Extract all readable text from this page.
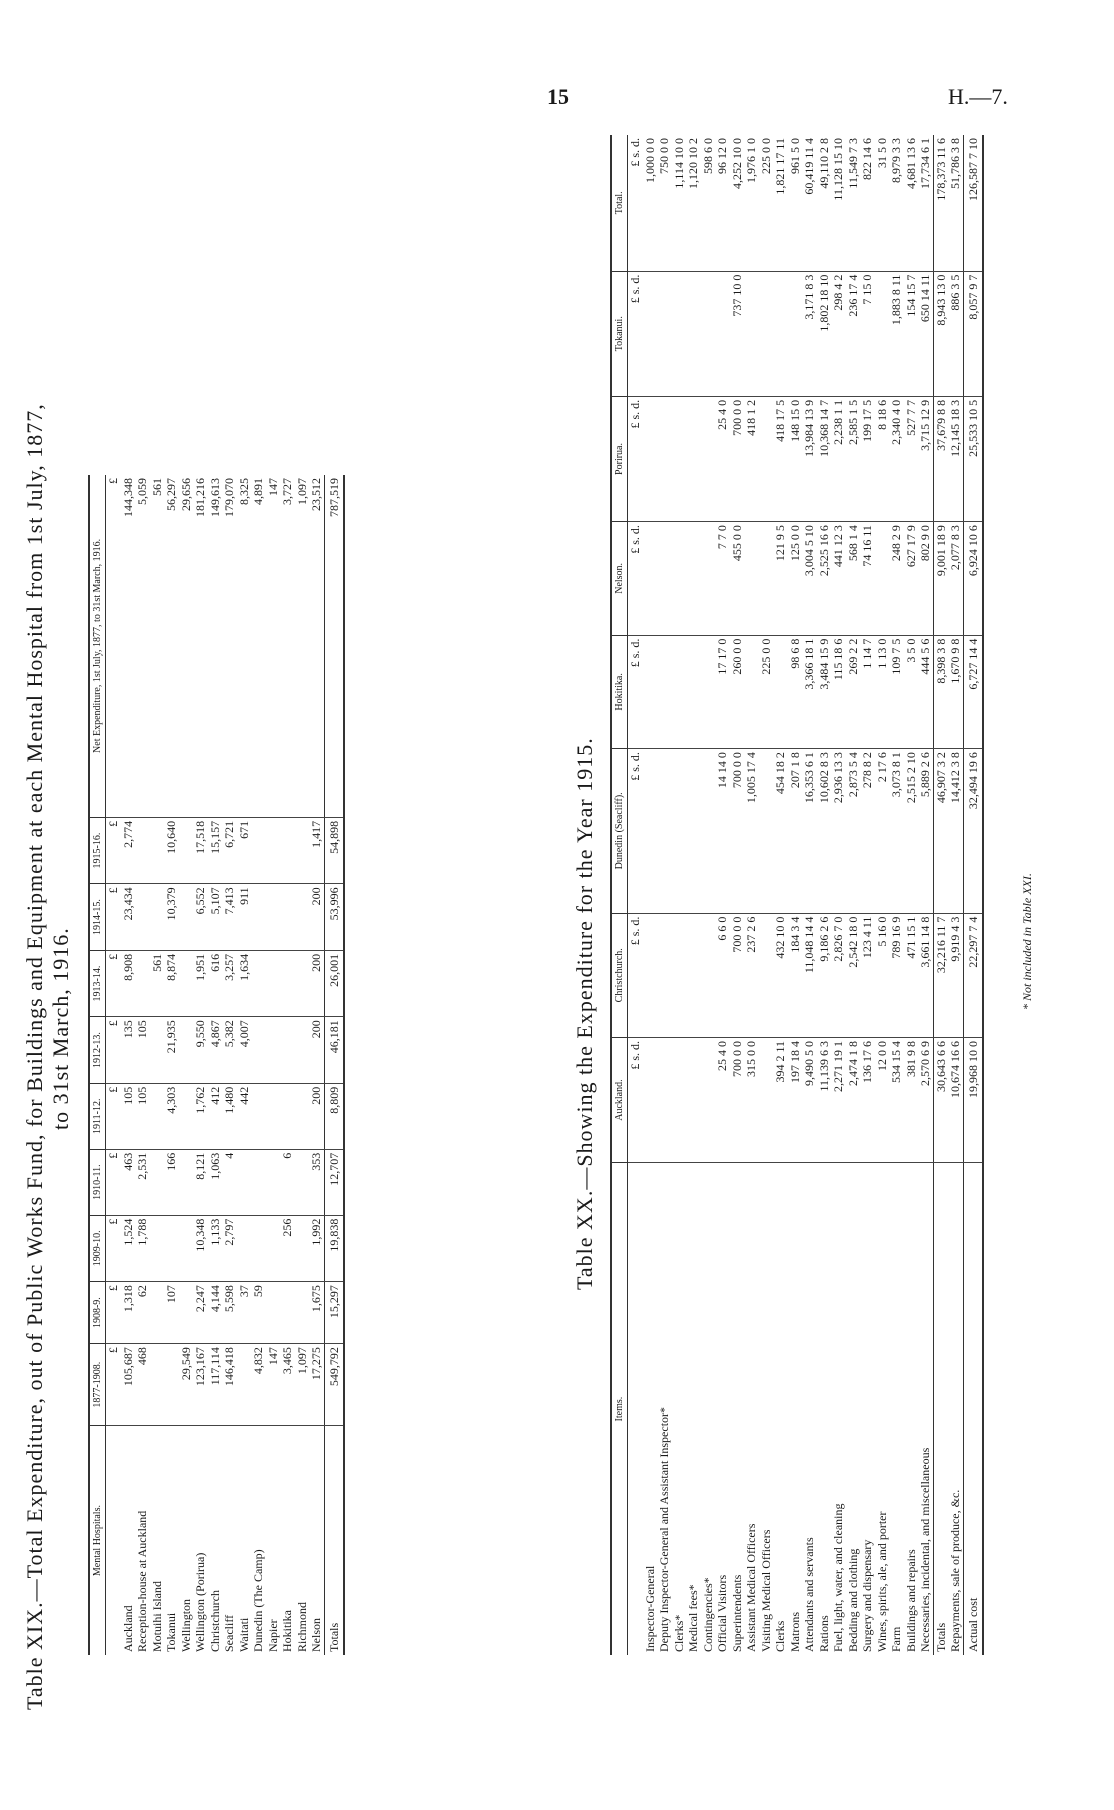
15	H.—7.
Table XIX.—Total Expenditure, out of Public Works Fund, for Buildings and Equipment at each Mental Hospital from 1st July, 1877, to 31st March, 1916.
Mental Hospitals.	1877-1908.	1908-9.	1909-10.	1910-11.	1911-12.	1912-13.	1913-14.	1914-15.	1915-16.	Net Expenditure, 1st July, 1877, to 31st March, 1916.
	£	£	£	£	£	£	£	£	£	£
Auckland	105,687	1,318	1,524	463	105	135	8,908	23,434	2,774	144,348
Reception-house at Auckland	468	62	1,788	2,531	105	105				5,059
Motuihi Island							561			561
Tokanui		107		166	4,303	21,935	8,874	10,379	10,640	56,297
Wellington	29,549									29,656
Wellington (Porirua)	123,167	2,247	10,348	8,121	1,762	9,550	1,951	6,552	17,518	181,216
Christchurch	117,114	4,144	1,133	1,063	412	4,867	616	5,107	15,157	149,613
Seacliff	146,418	5,598	2,797	4	1,480	5,382	3,257	7,413	6,721	179,070
Waitati		37			442	4,007	1,634	911	671	8,325
Dunedin (The Camp)	4,832	59								4,891
Napier	147									147
Hokitika	3,465		256	6						3,727
Richmond	1,097									1,097
Nelson	17,275	1,675	1,992	353	200	200	200	200	1,417	23,512
Totals	549,792	15,297	19,838	12,707	8,809	46,181	26,001	53,996	54,898	787,519
Table XX.—Showing the Expenditure for the Year 1915.
Items.	Auckland.	Christchurch.	Dunedin (Seacliff).	Hokitika.	Nelson.	Porirua.	Tokanui.	Total.
	£ s. d.	£ s. d.	£ s. d.	£ s. d.	£ s. d.	£ s. d.	£ s. d.	£ s. d.
Inspector-General								1,000 0 0
Deputy Inspector-General and Assistant Inspector*								750 0 0
Clerks*								1,114 10 0
Medical fees*								1,120 10 2
Contingencies*								598 6 0
Official Visitors	25 4 0	6 6 0	14 14 0	17 17 0	7 7 0	25 4 0		96 12 0
Superintendents	700 0 0	700 0 0	700 0 0	260 0 0	455 0 0	700 0 0	737 10 0	4,252 10 0
Assistant Medical Officers	315 0 0	237 2 6	1,005 17 4			418 1 2		1,976 1 0
Visiting Medical Officers				225 0 0				225 0 0
Clerks	394 2 11	432 10 0	454 18 2		121 9 5	418 17 5		1,821 17 11
Matrons	197 18 4	184 3 4	207 1 8	98 6 8	125 0 0	148 15 0		961 5 0
Attendants and servants	9,490 5 0	11,048 14 4	16,353 6 1	3,366 18 1	3,004 5 10	13,984 13 9	3,171 8 3	60,419 11 4
Rations	11,139 6 3	9,186 2 6	10,602 8 3	3,484 15 9	2,525 16 6	10,368 14 7	1,802 18 10	49,110 2 8
Fuel, light, water, and cleaning	2,271 19 1	2,826 7 0	2,936 13 3	115 18 6	441 12 3	2,238 1 1	298 4 2	11,128 15 10
Bedding and clothing	2,474 1 8	2,542 18 0	2,873 5 4	269 2 2	568 1 4	2,585 1 5	236 17 4	11,549 7 3
Surgery and dispensary	136 17 6	123 4 11	278 8 2	1 14 7	74 16 11	199 17 5	7 15 0	822 14 6
Wines, spirits, ale, and porter	12 0 0	5 16 0	2 17 6	1 13 0		8 18 6		31 5 0
Farm	534 15 4	789 16 9	3,073 8 1	109 7 5	248 2 9	2,340 4 0	1,883 8 11	8,979 3 3
Buildings and repairs	381 9 8	471 15 1	2,515 2 10	3 5 0	627 17 9	527 7 7	154 15 7	4,681 13 6
Necessaries, incidental, and miscellaneous	2,570 6 9	3,661 14 8	5,889 2 6	444 5 6	802 9 0	3,715 12 9	650 14 11	17,734 6 1
Totals	30,643 6 6	32,216 11 7	46,907 3 2	8,398 3 8	9,001 18 9	37,679 8 8	8,943 13 0	178,373 11 6
Repayments, sale of produce, &c.	10,674 16 6	9,919 4 3	14,412 3 8	1,670 9 8	2,077 8 3	12,145 18 3	886 3 5	51,786 3 8
Actual cost	19,968 10 0	22,297 7 4	32,494 19 6	6,727 14 4	6,924 10 6	25,533 10 5	8,057 9 7	126,587 7 10
* Not included in Table XXI.
